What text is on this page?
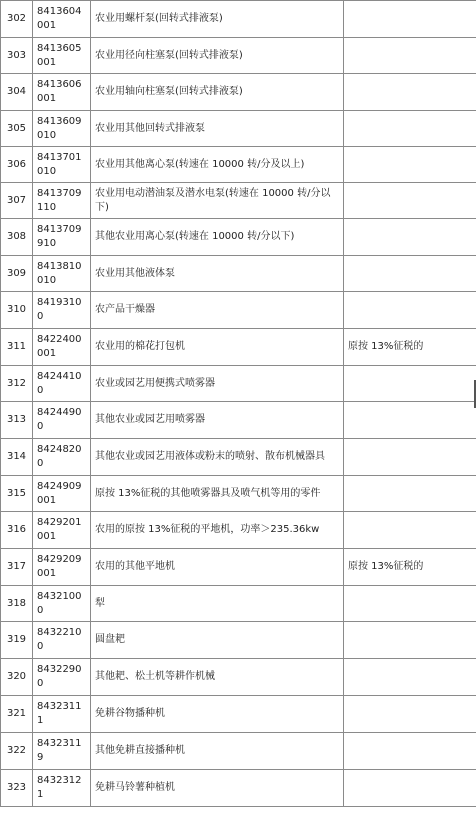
302	8413604001	农业用螺杆泵(回转式排液泵)	
303	8413605001	农业用径向柱塞泵(回转式排液泵)	
304	8413606001	农业用轴向柱塞泵(回转式排液泵)	
305	8413609010	农业用其他回转式排液泵	
306	8413701010	农业用其他离心泵(转速在 10000 转/分及以上)	
307	8413709110	农业用电动潜油泵及潜水电泵(转速在 10000 转/分以下)	
308	8413709910	其他农业用离心泵(转速在 10000 转/分以下)	
309	8413810010	农业用其他液体泵	
310	84193100	农产品干燥器	
311	8422400001	农业用的棉花打包机	原按 13%征税的
312	84244100	农业或园艺用便携式喷雾器	
313	84244900	其他农业或园艺用喷雾器	
314	84248200	其他农业或园艺用液体或粉末的喷射、散布机械器具	
315	8424909001	原按 13%征税的其他喷雾器具及喷气机等用的零件	
316	8429201001	农用的原按 13%征税的平地机，功率＞235.36kw	
317	8429209001	农用的其他平地机	原按 13%征税的
318	84321000	犁	
319	84322100	圆盘耙	
320	84322900	其他耙、松土机等耕作机械	
321	84323111	免耕谷物播种机	
322	84323119	其他免耕直接播种机	
323	84323121	免耕马铃薯种植机	
